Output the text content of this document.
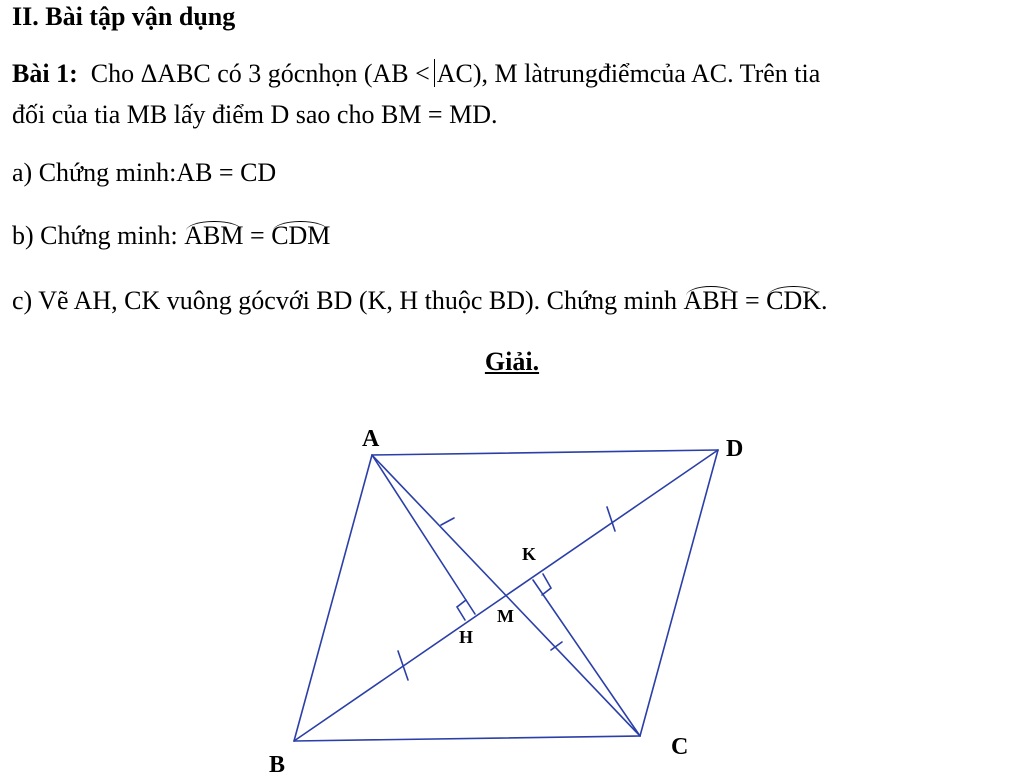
II. Bài tập vận dụng
Bài 1: Cho ΔABC có 3 gócnhọn (AB < AC), M làtrungđiểmcủa AC. Trên tia
đối của tia MB lấy điểm D sao cho BM = MD.
a) Chứng minh:AB = CD
b) Chứng minh: ABM = CDM
c) Vẽ AH, CK vuông gócvới BD (K, H thuộc BD). Chứng minh ABH = CDK.
Giải.
A	D
B
C
M
H
K
